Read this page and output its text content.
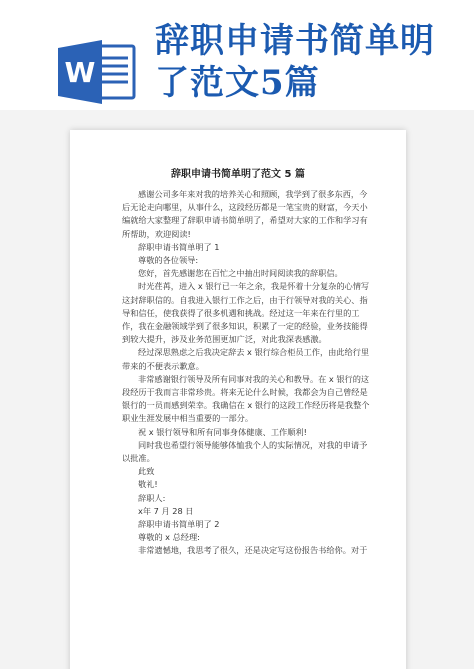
W
辞职申请书简单明了范文5篇
辞职申请书简单明了范文 5 篇

感谢公司多年来对我的培养关心和照顾，我学到了很多东西，今后无论走向哪里，从事什么，这段经历都是一笔宝贵的财富，今天小编就给大家整理了辞职申请书简单明了，希望对大家的工作和学习有所帮助，欢迎阅读!

辞职申请书简单明了 1

尊敬的各位领导:

您好，首先感谢您在百忙之中抽出时间阅读我的辞职信。

时光荏苒，进入 x 银行已一年之余，我是怀着十分复杂的心情写这封辞职信的。自我进入银行工作之后，由于行领导对我的关心、指导和信任，使我获得了很多机遇和挑战。经过这一年来在行里的工作，我在金融领域学到了很多知识，积累了一定的经验，业务技能得到较大提升，涉及业务范围更加广泛，对此我深表感激。

经过深思熟虑之后我决定辞去 x 银行综合柜员工作，由此给行里带来的不便表示歉意。

非常感谢银行领导及所有同事对我的关心和教导。在 x 银行的这段经历于我而言非常珍贵。将来无论什么时候，我都会为自己曾经是银行的一员而感到荣幸。我确信在 x 银行的这段工作经历将是我整个职业生涯发展中相当重要的一部分。

祝 x 银行领导和所有同事身体健康、工作顺利!

同时我也希望行领导能够体恤我个人的实际情况，对我的申请予以批准。

此致

敬礼!

辞职人:

x年 7 月 28 日

辞职申请书简单明了 2

尊敬的 x 总经理:

非常遗憾地，我思考了很久，还是决定写这份报告书给你。对于
